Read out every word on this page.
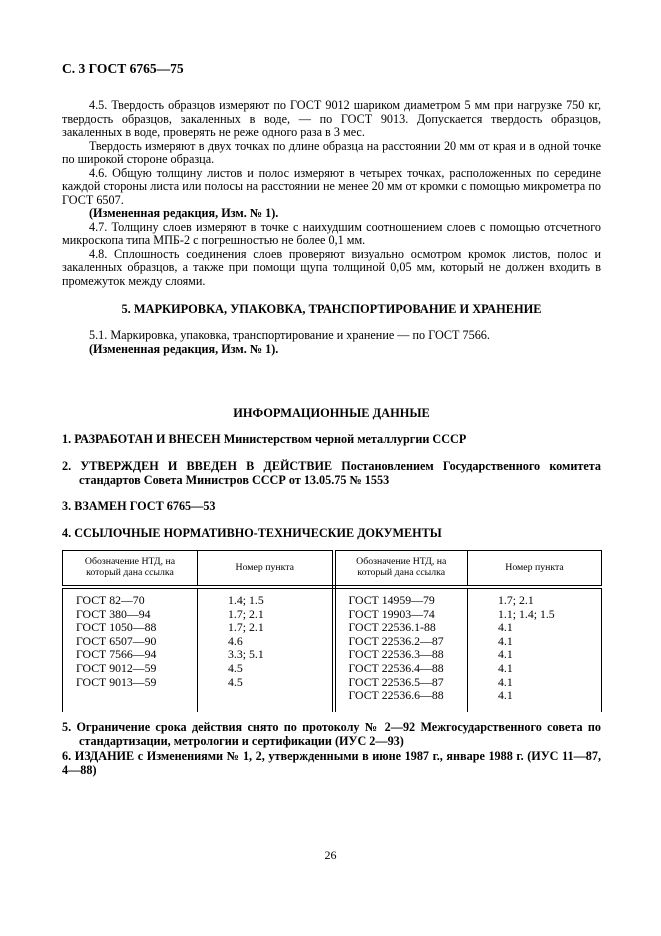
С. 3 ГОСТ 6765—75

4.5. Твердость образцов измеряют по ГОСТ 9012 шариком диаметром 5 мм при нагрузке 750 кг, твердость образцов, закаленных в воде, — по ГОСТ 9013. Допускается твердость образцов, закаленных в воде, проверять не реже одного раза в 3 мес.

Твердость измеряют в двух точках по длине образца на расстоянии 20 мм от края и в одной точке по широкой стороне образца.

4.6. Общую толщину листов и полос измеряют в четырех точках, расположенных по середине каждой стороны листа или полосы на расстоянии не менее 20 мм от кромки с помощью микрометра по ГОСТ 6507.

(Измененная редакция, Изм. № 1).

4.7. Толщину слоев измеряют в точке с наихудшим соотношением слоев с помощью отсчетного микроскопа типа МПБ-2 с погрешностью не более 0,1 мм.

4.8. Сплошность соединения слоев проверяют визуально осмотром кромок листов, полос и закаленных образцов, а также при помощи щупа толщиной 0,05 мм, который не должен входить в промежуток между слоями.

5. МАРКИРОВКА, УПАКОВКА, ТРАНСПОРТИРОВАНИЕ И ХРАНЕНИЕ

5.1. Маркировка, упаковка, транспортирование и хранение — по ГОСТ 7566.

(Измененная редакция, Изм. № 1).

ИНФОРМАЦИОННЫЕ ДАННЫЕ

1. РАЗРАБОТАН И ВНЕСЕН Министерством черной металлургии СССР

2. УТВЕРЖДЕН И ВВЕДЕН В ДЕЙСТВИЕ Постановлением Государственного комитета стандартов Совета Министров СССР от 13.05.75 № 1553

3. ВЗАМЕН ГОСТ 6765—53

4. ССЫЛОЧНЫЕ НОРМАТИВНО-ТЕХНИЧЕСКИЕ ДОКУМЕНТЫ

Обозначение НТД, на который дана ссылка	Номер пункта	Обозначение НТД, на который дана ссылка	Номер пункта
ГОСТ 82—70	1.4; 1.5	ГОСТ 14959—79	1.7; 2.1
ГОСТ 380—94	1.7; 2.1	ГОСТ 19903—74	1.1; 1.4; 1.5
ГОСТ 1050—88	1.7; 2.1	ГОСТ 22536.1-88	4.1
ГОСТ 6507—90	4.6	ГОСТ 22536.2—87	4.1
ГОСТ 7566—94	3.3; 5.1	ГОСТ 22536.3—88	4.1
ГОСТ 9012—59	4.5	ГОСТ 22536.4—88	4.1
ГОСТ 9013—59	4.5	ГОСТ 22536.5—87	4.1
		ГОСТ 22536.6—88	4.1

5. Ограничение срока действия снято по протоколу № 2—92 Межгосударственного совета по стандартизации, метрологии и сертификации (ИУС 2—93)

6. ИЗДАНИЕ с Изменениями № 1, 2, утвержденными в июне 1987 г., январе 1988 г. (ИУС 11—87, 4—88)

26
